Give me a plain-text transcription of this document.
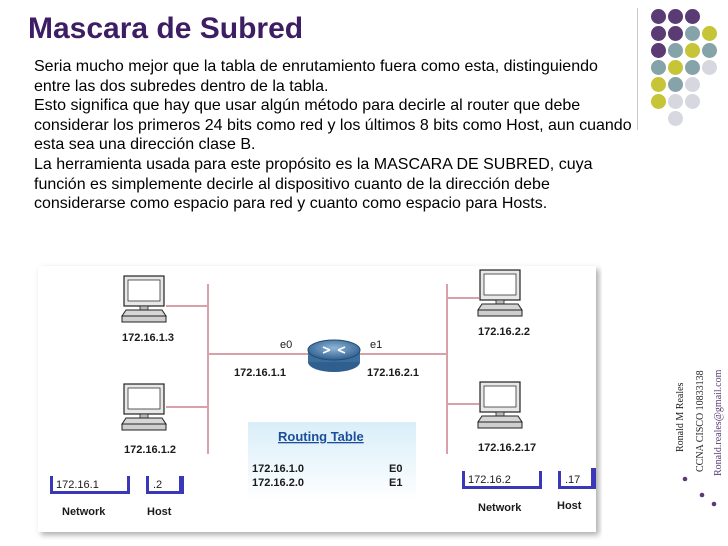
Mascara de Subred

Seria mucho mejor que la tabla de enrutamiento fuera como esta, distinguiendo entre las dos subredes dentro de la tabla.

Esto significa que hay que usar algún método para decirle al router que debe considerar los primeros 24 bits como red y los últimos 8 bits como Host, aun cuando esta sea una dirección clase B.

La herramienta usada para este propósito es la MASCARA DE SUBRED, cuya función es simplemente decirle al dispositivo cuanto de la dirección debe considerarse como espacio para red y cuanto como espacio para Hosts.

Ronald M Reales CCNA CISCO 10833138 Ronald.reales@gmail.com
172.16.1.3
172.16.1.2
172.16.2.2
172.16.2.17
172.16.1.1	172.16.2.1
e0	e1
Routing Table
172.16.1.0	E0
172.16.2.0	E1
172.16.1	.2
Network	Host
172.16.2	.17
Network	Host
